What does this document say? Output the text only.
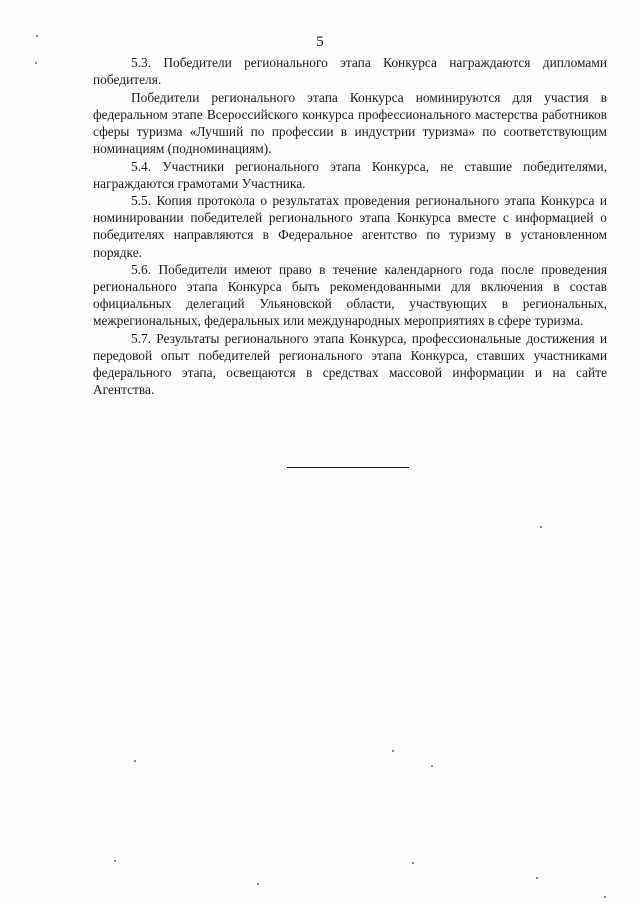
5

5.3. Победители регионального этапа Конкурса награждаются дипломами победителя.

Победители регионального этапа Конкурса номинируются для участия в федеральном этапе Всероссийского конкурса профессионального мастерства работников сферы туризма «Лучший по профессии в индустрии туризма» по соответствующим номинациям (подноминациям).

5.4. Участники регионального этапа Конкурса, не ставшие победителями, награждаются грамотами Участника.

5.5. Копия протокола о результатах проведения регионального этапа Конкурса и номинировании победителей регионального этапа Конкурса вместе с информацией о победителях направляются в Федеральное агентство по туризму в установленном порядке.

5.6. Победители имеют право в течение календарного года после проведения регионального этапа Конкурса быть рекомендованными для включения в состав официальных делегаций Ульяновской области, участвующих в региональных, межрегиональных, федеральных или международных мероприятиях в сфере туризма.

5.7. Результаты регионального этапа Конкурса, профессиональные достижения и передовой опыт победителей регионального этапа Конкурса, ставших участниками федерального этапа, освещаются в средствах массовой информации и на сайте Агентства.
